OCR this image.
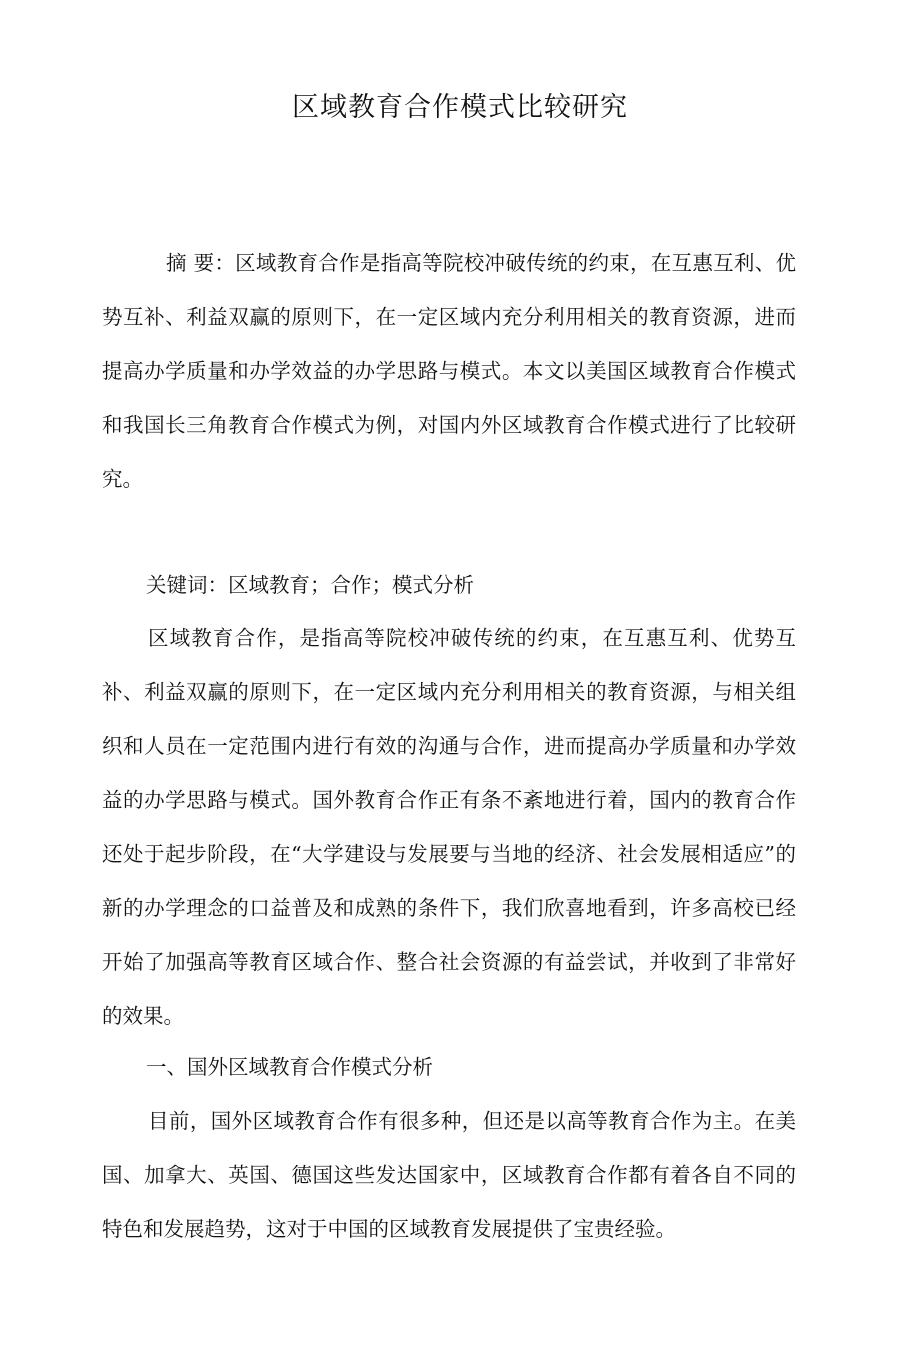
区域教育合作模式比较研究

摘 要：区域教育合作是指高等院校冲破传统的约束，在互惠互利、优势互补、利益双赢的原则下，在一定区域内充分利用相关的教育资源，进而提高办学质量和办学效益的办学思路与模式。本文以美国区域教育合作模式和我国长三角教育合作模式为例，对国内外区域教育合作模式进行了比较研究。

关键词：区域教育；合作；模式分析

区域教育合作，是指高等院校冲破传统的约束，在互惠互利、优势互补、利益双赢的原则下，在一定区域内充分利用相关的教育资源，与相关组织和人员在一定范围内进行有效的沟通与合作，进而提高办学质量和办学效益的办学思路与模式。国外教育合作正有条不紊地进行着，国内的教育合作还处于起步阶段，在“大学建设与发展要与当地的经济、社会发展相适应”的新的办学理念的口益普及和成熟的条件下，我们欣喜地看到，许多高校已经开始了加强高等教育区域合作、整合社会资源的有益尝试，并收到了非常好的效果。

一、国外区域教育合作模式分析

目前，国外区域教育合作有很多种，但还是以高等教育合作为主。在美国、加拿大、英国、德国这些发达国家中，区域教育合作都有着各自不同的特色和发展趋势，这对于中国的区域教育发展提供了宝贵经验。
